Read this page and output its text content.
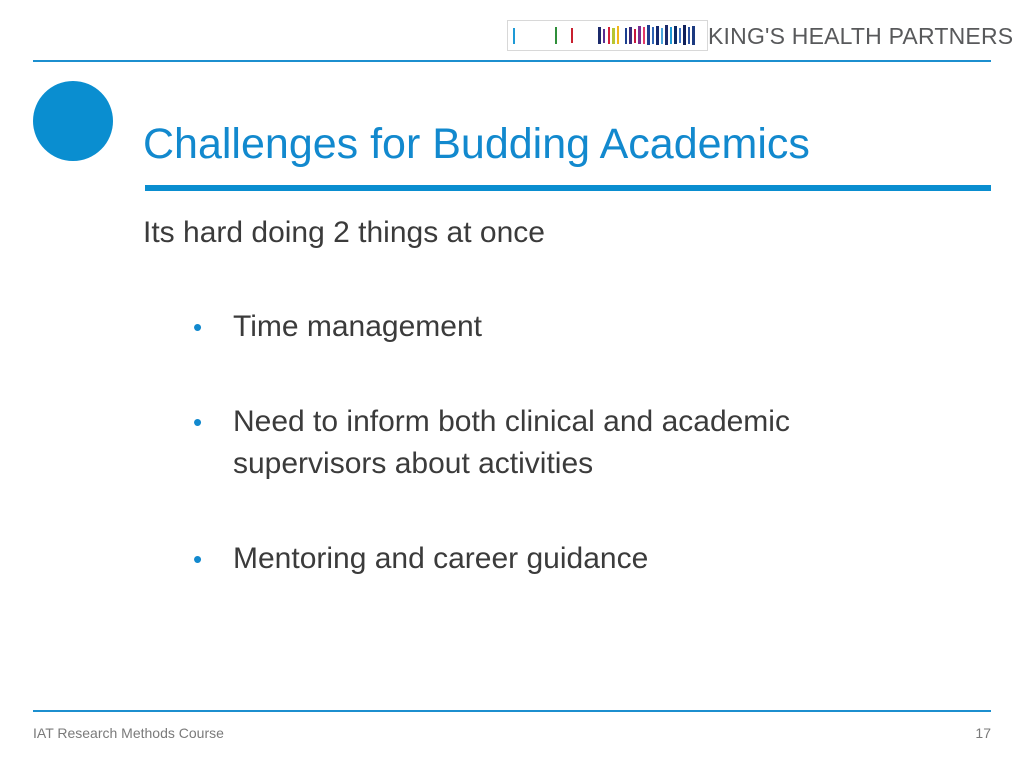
KING'S HEALTH PARTNERS
Challenges for Budding Academics
Its hard doing 2 things at once
• Time management
• Need to inform both clinical and academic supervisors about activities
• Mentoring and career guidance
IAT Research Methods Course	17
